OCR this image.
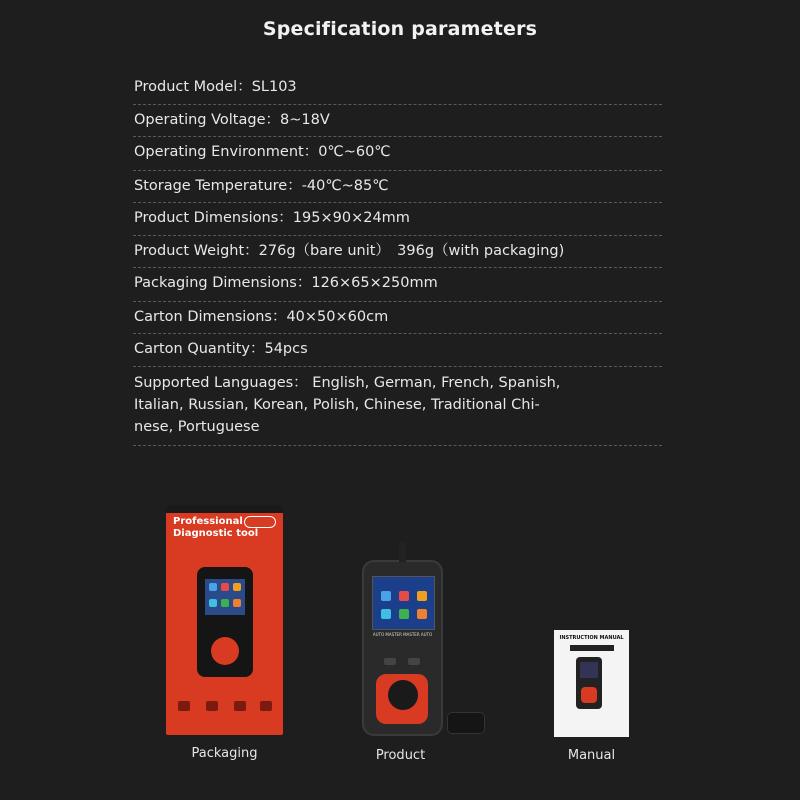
Specification parameters
Product Model：SL103
Operating Voltage：8~18V
Operating Environment：0℃~60℃
Storage Temperature：-40℃~85℃
Product Dimensions：195×90×24mm
Product Weight：276g（bare unit）　396g（with packaging)
Packaging Dimensions：126×65×250mm
Carton Dimensions：40×50×60cm
Carton Quantity：54pcs
Supported Languages： English, German, French, Spanish,
Italian, Russian, Korean, Polish, Chinese, Traditional Chi-
nese, Portuguese
Professional
Diagnostic tool
Packaging
AUTO MASTER MASTER AUTO
Product
INSTRUCTION MANUAL
Manual
